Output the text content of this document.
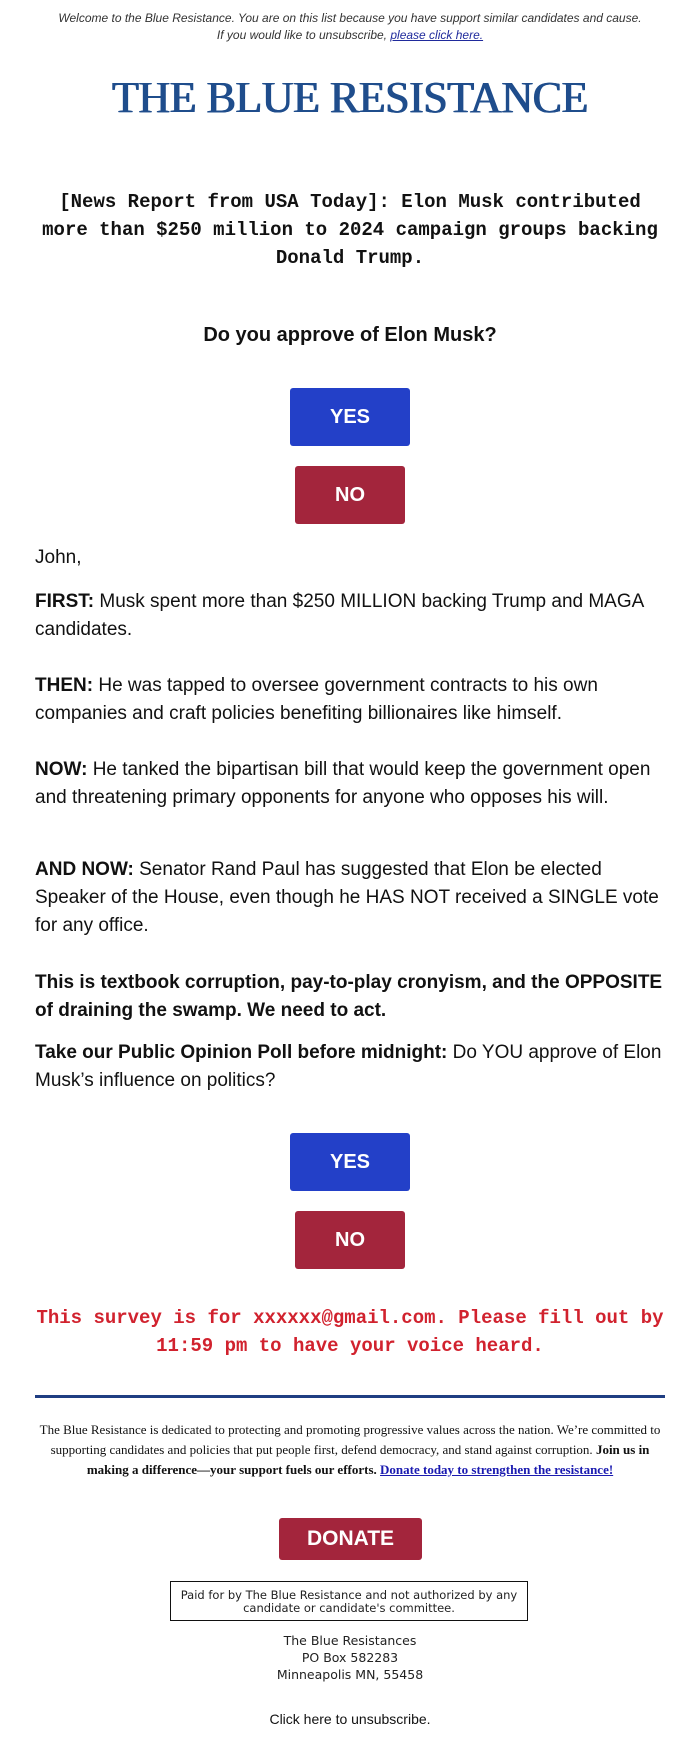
Welcome to the Blue Resistance. You are on this list because you have support similar candidates and cause. If you would like to unsubscribe, please click here.
THE BLUE RESISTANCE
[News Report from USA Today]: Elon Musk contributed more than $250 million to 2024 campaign groups backing Donald Trump.
Do you approve of Elon Musk?
YES
NO
John,
FIRST: Musk spent more than $250 MILLION backing Trump and MAGA candidates.
THEN: He was tapped to oversee government contracts to his own companies and craft policies benefiting billionaires like himself.
NOW: He tanked the bipartisan bill that would keep the government open and threatening primary opponents for anyone who opposes his will.
AND NOW: Senator Rand Paul has suggested that Elon be elected Speaker of the House, even though he HAS NOT received a SINGLE vote for any office.
This is textbook corruption, pay-to-play cronyism, and the OPPOSITE of draining the swamp. We need to act.
Take our Public Opinion Poll before midnight: Do YOU approve of Elon Musk’s influence on politics?
YES
NO
This survey is for xxxxxx@gmail.com. Please fill out by 11:59 pm to have your voice heard.
The Blue Resistance is dedicated to protecting and promoting progressive values across the nation. We’re committed to supporting candidates and policies that put people first, defend democracy, and stand against corruption. Join us in making a difference—your support fuels our efforts. Donate today to strengthen the resistance!
DONATE
Paid for by The Blue Resistance and not authorized by any candidate or candidate's committee.
The Blue Resistances
PO Box 582283
Minneapolis MN, 55458
Click here to unsubscribe.
